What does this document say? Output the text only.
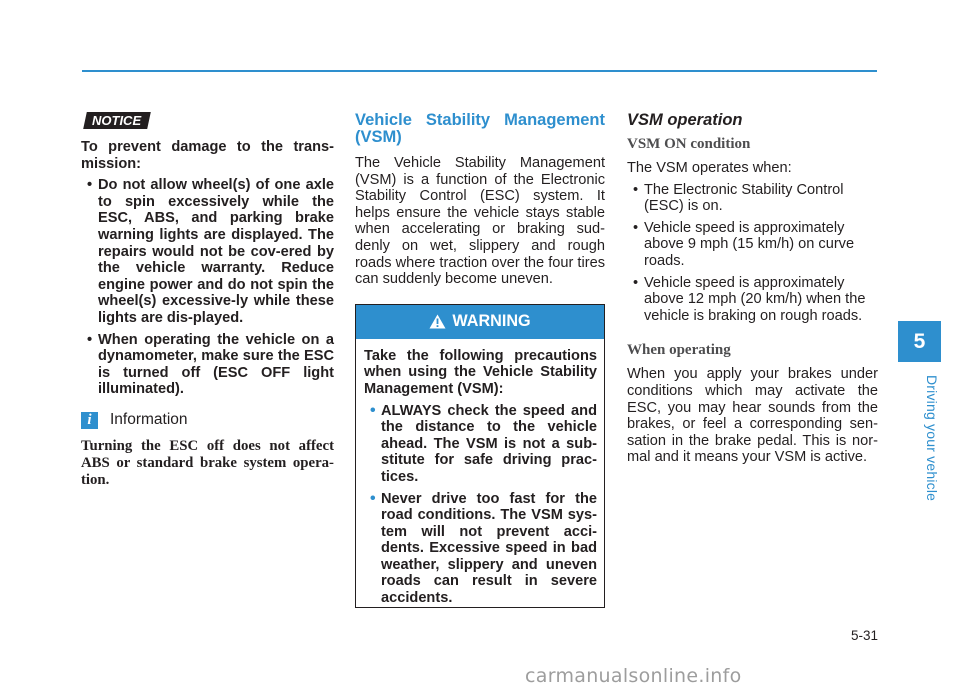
NOTICE

To prevent damage to the trans-mission:

• Do not allow wheel(s) of one axle to spin excessively while the ESC, ABS, and parking brake warning lights are displayed. The repairs would not be cov-ered by the vehicle warranty. Reduce engine power and do not spin the wheel(s) excessive-ly while these lights are dis-played.
• When operating the vehicle on a dynamometer, make sure the ESC is turned off (ESC OFF light illuminated).
i	Information

Turning the ESC off does not affect ABS or standard brake system opera-tion.

Vehicle Stability Management (VSM)

The Vehicle Stability Management (VSM) is a function of the Electronic Stability Control (ESC) system. It helps ensure the vehicle stays stable when accelerating or braking sud-denly on wet, slippery and rough roads where traction over the four tires can suddenly become uneven.

WARNING

Take the following precautions when using the Vehicle Stability Management (VSM):

• ALWAYS check the speed and the distance to the vehicle ahead. The VSM is not a sub-stitute for safe driving prac-tices.
• Never drive too fast for the road conditions. The VSM sys-tem will not prevent acci-dents. Excessive speed in bad weather, slippery and uneven roads can result in severe accidents.
VSM operation
VSM ON condition

The VSM operates when:

• The Electronic Stability Control (ESC) is on.
• Vehicle speed is approximately above 9 mph (15 km/h) on curve roads.
• Vehicle speed is approximately above 12 mph (20 km/h) when the vehicle is braking on rough roads.
When operating

When you apply your brakes under conditions which may activate the ESC, you may hear sounds from the brakes, or feel a corresponding sen-sation in the brake pedal. This is nor-mal and it means your VSM is active.

5
Driving your vehicle
5-31
carmanualsonline.info
